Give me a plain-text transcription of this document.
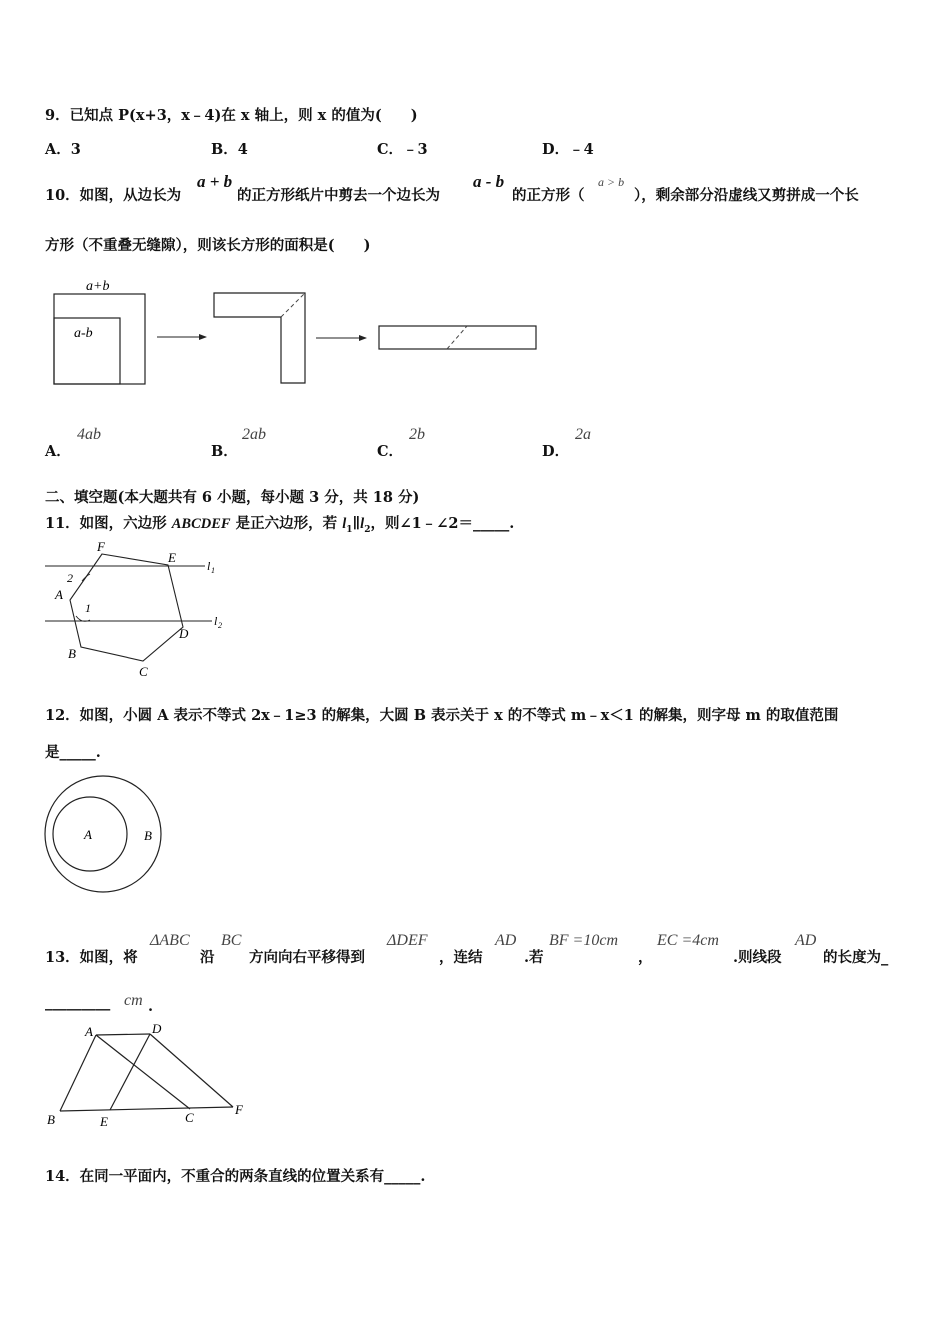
9．已知点 P(x+3，x﹣4)在 x 轴上，则 x 的值为(　　)
A．3	B．4	C．﹣3	D．﹣4
10．如图，从边长为
a + b
的正方形纸片中剪去一个边长为
a - b
的正方形（
a > b
），剩余部分沿虚线又剪拼成一个长
方形（不重叠无缝隙），则该长方形的面积是(　　)
a+b
a-b
A．
4ab
B．
2ab
C．
2b
D．
2a
二、填空题(本大题共有 6 小题，每小题 3 分，共 18 分)
11．如图，六边形 ABCDEF 是正六边形，若 $l_1\parallel l_2$，则∠1﹣∠2＝_____.
F
E
A
B
C
D
1
2
l 1
l 2
12．如图，小圆 A 表示不等式 2x﹣1≥3 的解集，大圆 B 表示关于 x 的不等式 m﹣x＜1 的解集，则字母 m 的取值范围
是_____.
A	B
13．如图，将
ΔABC
沿
BC
方向向右平移得到
ΔDEF
，连结
AD
.若
BF =10cm
，
EC =4cm
.则线段
AD
的长度为_
_________ cm .
A	D
B	E	C
F
14．在同一平面内，不重合的两条直线的位置关系有_____.
